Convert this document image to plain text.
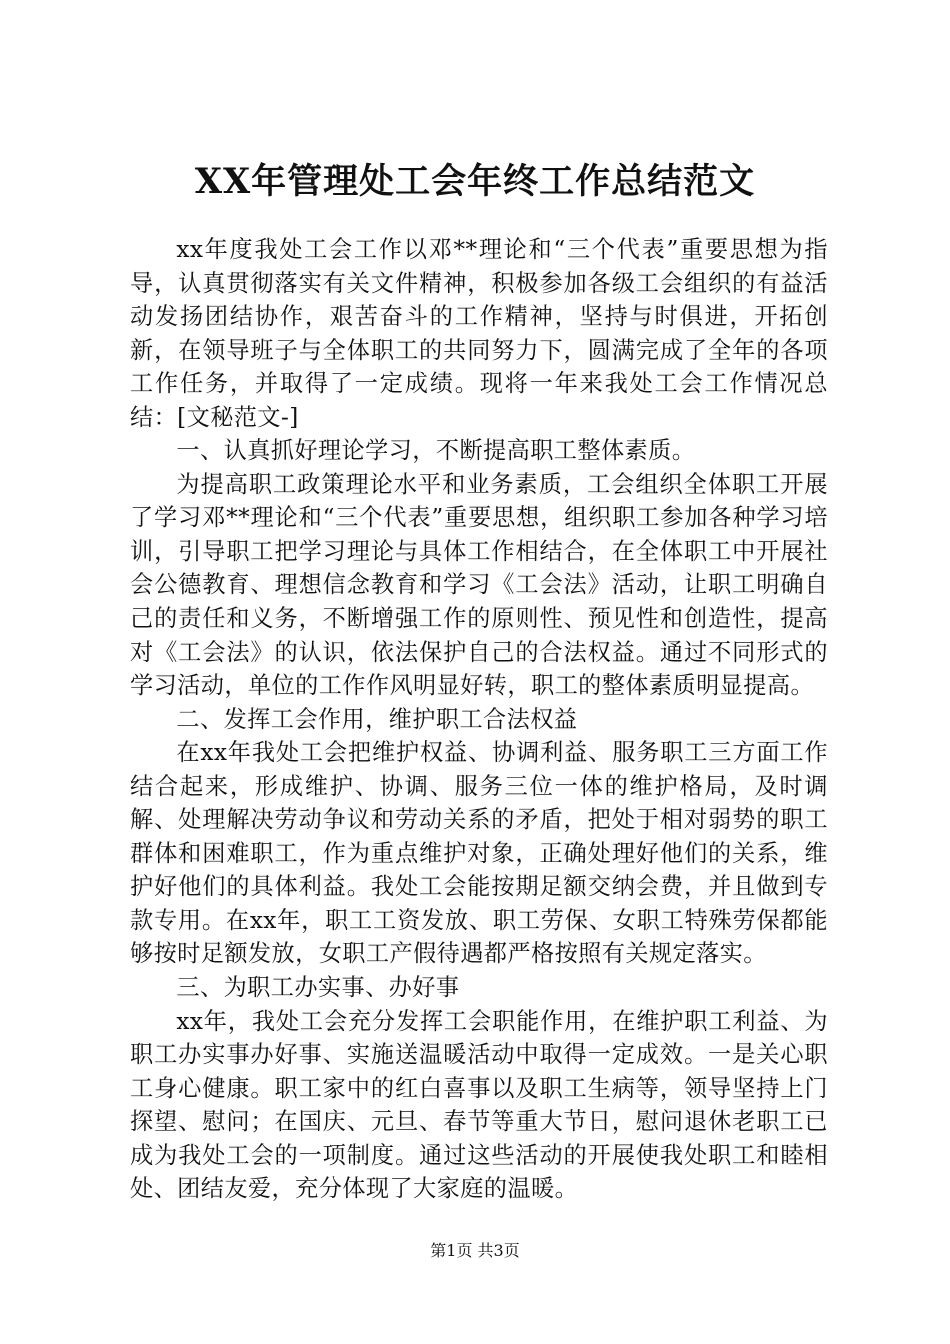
XX年管理处工会年终工作总结范文

xx年度我处工会工作以邓**理论和“三个代表”重要思想为指导，认真贯彻落实有关文件精神，积极参加各级工会组织的有益活动发扬团结协作，艰苦奋斗的工作精神，坚持与时俱进，开拓创新，在领导班子与全体职工的共同努力下，圆满完成了全年的各项工作任务，并取得了一定成绩。现将一年来我处工会工作情况总结：[文秘范文-]

一、认真抓好理论学习，不断提高职工整体素质。

为提高职工政策理论水平和业务素质，工会组织全体职工开展了学习邓**理论和“三个代表”重要思想，组织职工参加各种学习培训，引导职工把学习理论与具体工作相结合，在全体职工中开展社会公德教育、理想信念教育和学习《工会法》活动，让职工明确自己的责任和义务，不断增强工作的原则性、预见性和创造性，提高对《工会法》的认识，依法保护自己的合法权益。通过不同形式的学习活动，单位的工作作风明显好转，职工的整体素质明显提高。

二、发挥工会作用，维护职工合法权益

在xx年我处工会把维护权益、协调利益、服务职工三方面工作结合起来，形成维护、协调、服务三位一体的维护格局，及时调解、处理解决劳动争议和劳动关系的矛盾，把处于相对弱势的职工群体和困难职工，作为重点维护对象，正确处理好他们的关系，维护好他们的具体利益。我处工会能按期足额交纳会费，并且做到专款专用。在xx年，职工工资发放、职工劳保、女职工特殊劳保都能够按时足额发放，女职工产假待遇都严格按照有关规定落实。

三、为职工办实事、办好事

xx年，我处工会充分发挥工会职能作用，在维护职工利益、为职工办实事办好事、实施送温暖活动中取得一定成效。一是关心职工身心健康。职工家中的红白喜事以及职工生病等，领导坚持上门探望、慰问；在国庆、元旦、春节等重大节日，慰问退休老职工已成为我处工会的一项制度。通过这些活动的开展使我处职工和睦相处、团结友爱，充分体现了大家庭的温暖。

第1页 共3页
